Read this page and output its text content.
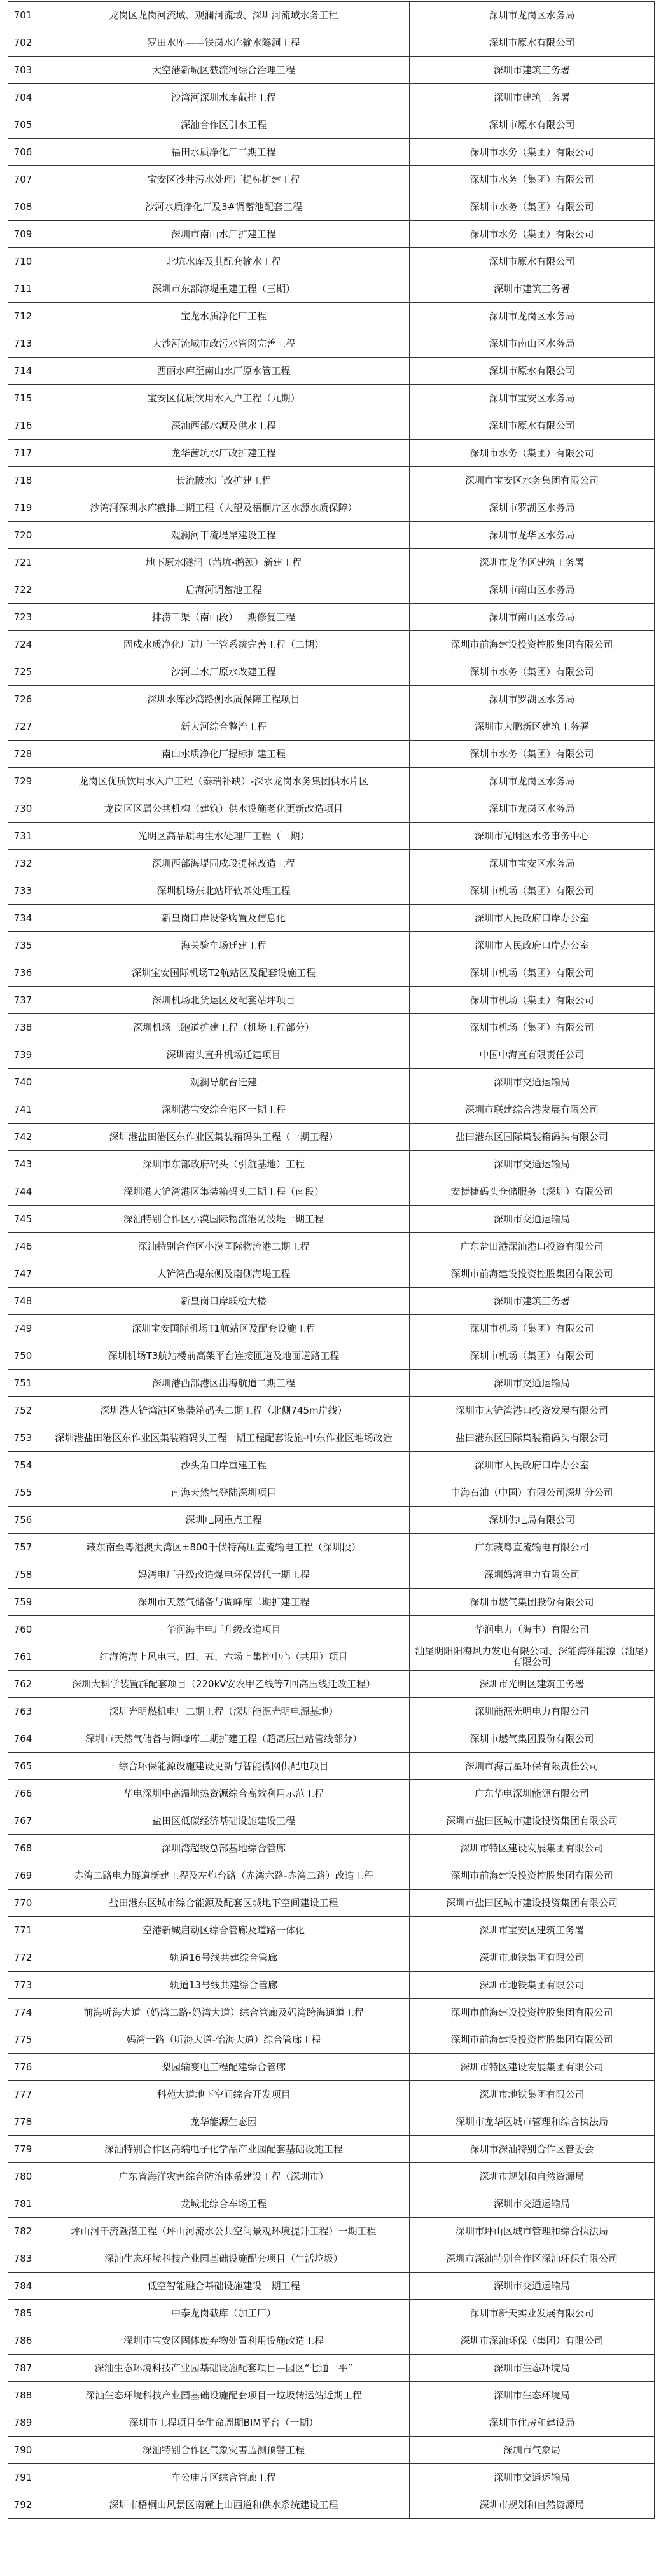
701	龙岗区龙岗河流域、观澜河流域、深圳河流域水务工程	深圳市龙岗区水务局
702	罗田水库——铁岗水库输水隧洞工程	深圳市原水有限公司
703	大空港新城区截流河综合治理工程	深圳市建筑工务署
704	沙湾河深圳水库截排工程	深圳市建筑工务署
705	深汕合作区引水工程	深圳市原水有限公司
706	福田水质净化厂二期工程	深圳市水务（集团）有限公司
707	宝安区沙井污水处理厂提标扩建工程	深圳市水务（集团）有限公司
708	沙河水质净化厂及3#调蓄池配套工程	深圳市水务（集团）有限公司
709	深圳市南山水厂扩建工程	深圳市水务（集团）有限公司
710	北坑水库及其配套输水工程	深圳市原水有限公司
711	深圳市东部海堤重建工程（三期）	深圳市建筑工务署
712	宝龙水质净化厂工程	深圳市龙岗区水务局
713	大沙河流域市政污水管网完善工程	深圳市南山区水务局
714	西丽水库至南山水厂原水管工程	深圳市原水有限公司
715	宝安区优质饮用水入户工程（九期）	深圳市宝安区水务局
716	深汕西部水源及供水工程	深圳市原水有限公司
717	龙华茜坑水厂改扩建工程	深圳市水务（集团）有限公司
718	长流陂水厂改扩建工程	深圳市宝安区水务集团有限公司
719	沙湾河深圳水库截排二期工程（大望及梧桐片区水源水质保障）	深圳市罗湖区水务局
720	观澜河干流堤岸建设工程	深圳市龙华区水务局
721	地下原水隧洞（茜坑-鹅颈）新建工程	深圳市龙华区建筑工务署
722	后海河调蓄池工程	深圳市南山区水务局
723	排涝干渠（南山段）一期修复工程	深圳市南山区水务局
724	固戍水质净化厂进厂干管系统完善工程（二期）	深圳市前海建设投资控股集团有限公司
725	沙河二水厂原水改建工程	深圳市水务（集团）有限公司
726	深圳水库沙湾路侧水质保障工程项目	深圳市罗湖区水务局
727	新大河综合整治工程	深圳市大鹏新区建筑工务署
728	南山水质净化厂提标扩建工程	深圳市水务（集团）有限公司
729	龙岗区优质饮用水入户工程（泰瑞补缺）-深水龙岗水务集团供水片区	深圳市龙岗区水务局
730	龙岗区区属公共机构（建筑）供水设施老化更新改造项目	深圳市龙岗区水务局
731	光明区高品质再生水处理厂工程（一期）	深圳市光明区水务事务中心
732	深圳西部海堤固戍段提标改造工程	深圳市宝安区水务局
733	深圳机场东北站坪软基处理工程	深圳市机场（集团）有限公司
734	新皇岗口岸设备购置及信息化	深圳市人民政府口岸办公室
735	海关验车场迁建工程	深圳市人民政府口岸办公室
736	深圳宝安国际机场T2航站区及配套设施工程	深圳市机场（集团）有限公司
737	深圳机场北货运区及配套站坪项目	深圳市机场（集团）有限公司
738	深圳机场三跑道扩建工程（机场工程部分）	深圳市机场（集团）有限公司
739	深圳南头直升机场迁建项目	中国中海直有限责任公司
740	观澜导航台迁建	深圳市交通运输局
741	深圳港宝安综合港区一期工程	深圳市联建综合港发展有限公司
742	深圳港盐田港区东作业区集装箱码头工程（一期工程）	盐田港东区国际集装箱码头有限公司
743	深圳市东部政府码头（引航基地）工程	深圳市交通运输局
744	深圳港大铲湾港区集装箱码头二期工程（南段）	安捷捷码头仓储服务（深圳）有限公司
745	深汕特别合作区小漠国际物流港防波堤一期工程	深圳市交通运输局
746	深汕特别合作区小漠国际物流港二期工程	广东盐田港深汕港口投资有限公司
747	大铲湾凸堤东侧及南侧海堤工程	深圳市前海建设投资控股集团有限公司
748	新皇岗口岸联检大楼	深圳市建筑工务署
749	深圳宝安国际机场T1航站区及配套设施工程	深圳市机场（集团）有限公司
750	深圳机场T3航站楼前高架平台连接匝道及地面道路工程	深圳市机场（集团）有限公司
751	深圳港西部港区出海航道二期工程	深圳市交通运输局
752	深圳港大铲湾港区集装箱码头二期工程（北侧745m岸线）	深圳市大铲湾港口投资发展有限公司
753	深圳港盐田港区东作业区集装箱码头工程一期工程配套设施-中东作业区堆场改造	盐田港东区国际集装箱码头有限公司
754	沙头角口岸重建工程	深圳市人民政府口岸办公室
755	南海天然气登陆深圳项目	中海石油（中国）有限公司深圳分公司
756	深圳电网重点工程	深圳供电局有限公司
757	藏东南至粤港澳大湾区±800千伏特高压直流输电工程（深圳段）	广东藏粤直流输电有限公司
758	妈湾电厂升级改造煤电环保替代一期工程	深圳妈湾电力有限公司
759	深圳市天然气储备与调峰库二期扩建工程	深圳市燃气集团股份有限公司
760	华润海丰电厂升级改造项目	华润电力（海丰）有限公司
761	红海湾海上风电三、四、五、六场上集控中心（共用）项目	汕尾明阳阳海风力发电有限公司、深能海洋能源（汕尾）有限公司
762	深圳大科学装置群配套项目（220kV安农甲乙线等7回高压线迁改工程）	深圳市光明区建筑工务署
763	深圳光明燃机电厂二期工程（深圳能源光明电源基地）	深圳能源光明电力有限公司
764	深圳市天然气储备与调峰库二期扩建工程（超高压出站管线部分）	深圳市燃气集团股份有限公司
765	综合环保能源设施建设更新与智能微网供配电项目	深圳市海吉星环保有限责任公司
766	华电深圳中高温地热资源综合高效利用示范工程	广东华电深圳能源有限公司
767	盐田区低碳经济基础设施建设工程	深圳市盐田区城市建设投资集团有限公司
768	深圳湾超级总部基地综合管廊	深圳市特区建设发展集团有限公司
769	赤湾二路电力隧道新建工程及左炮台路（赤湾六路-赤湾二路）改造工程	深圳市前海建设投资控股集团有限公司
770	盐田港东区城市综合能源及配套区城地下空间建设工程	深圳市盐田区城市建设投资集团有限公司
771	空港新城启动区综合管廊及道路一体化	深圳市宝安区建筑工务署
772	轨道16号线共建综合管廊	深圳市地铁集团有限公司
773	轨道13号线共建综合管廊	深圳市地铁集团有限公司
774	前海听海大道（妈湾二路-妈湾大道）综合管廊及妈湾跨海通道工程	深圳市前海建设投资控股集团有限公司
775	妈湾一路（听海大道-怡海大道）综合管廊工程	深圳市前海建设投资控股集团有限公司
776	梨园输变电工程配建综合管廊	深圳市特区建设发展集团有限公司
777	科苑大道地下空间综合开发项目	深圳市地铁集团有限公司
778	龙华能源生态园	深圳市龙华区城市管理和综合执法局
779	深汕特别合作区高端电子化学品产业园配套基础设施工程	深圳市深汕特别合作区管委会
780	广东省海洋灾害综合防治体系建设工程（深圳市）	深圳市规划和自然资源局
781	龙城北综合车场工程	深圳市交通运输局
782	坪山河干流暨潜工程（坪山河流水公共空间景观环境提升工程）一期工程	深圳市坪山区城市管理和综合执法局
783	深汕生态环境科技产业园基础设施配套项目（生活垃圾）	深圳市深汕特别合作区深汕环保有限公司
784	低空智能融合基础设施建设一期工程	深圳市交通运输局
785	中泰龙岗截库（加工厂）	深圳市新天实业发展有限公司
786	深圳市宝安区固体废弃物处置利用设施改造工程	深圳市深汕环保（集团）有限公司
787	深汕生态环境科技产业园基础设施配套项目—园区“七通一平”	深圳市生态环境局
788	深汕生态环境科技产业园基础设施配套项目一垃圾转运站近期工程	深圳市生态环境局
789	深圳市工程项目全生命周期BIM平台（一期）	深圳市住房和建设局
790	深汕特别合作区气象灾害监测预警工程	深圳市气象局
791	车公庙片区综合管廊工程	深圳市交通运输局
792	深圳市梧桐山风景区南麓上山西道和供水系统建设工程	深圳市规划和自然资源局
